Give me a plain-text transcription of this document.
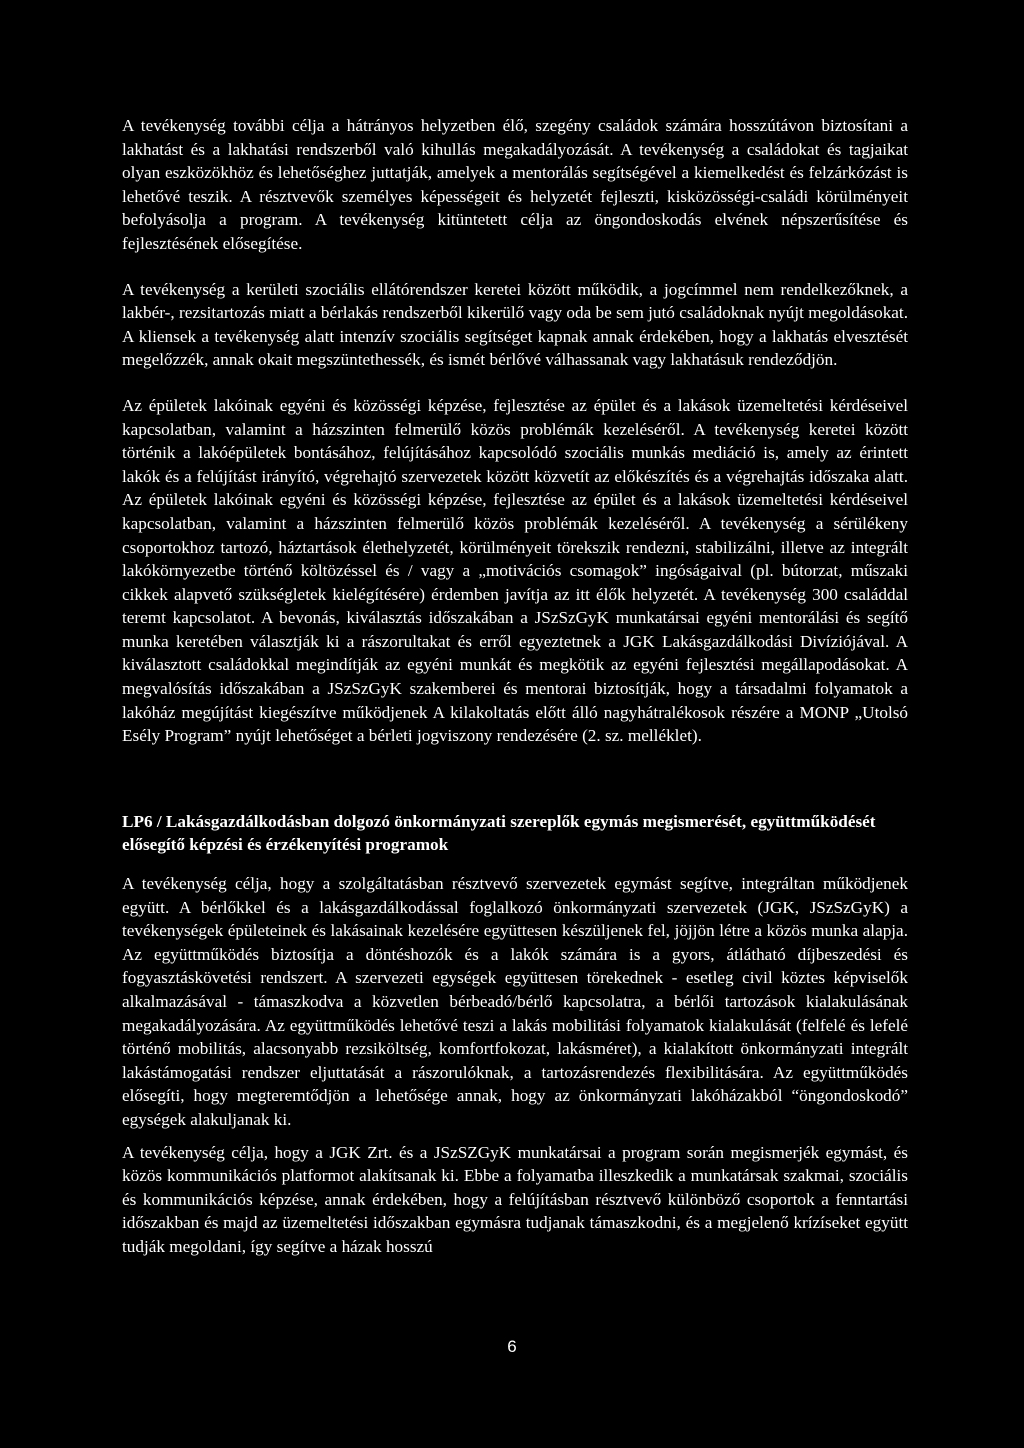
A tevékenység további célja a hátrányos helyzetben élő, szegény családok számára hosszútávon biztosítani a lakhatást és a lakhatási rendszerből való kihullás megakadályozását. A tevékenység a családokat és tagjaikat olyan eszközökhöz és lehetőséghez juttatják, amelyek a mentorálás segítségével a kiemelkedést és felzárkózást is lehetővé teszik. A résztvevők személyes képességeit és helyzetét fejleszti, kisközösségi-családi körülményeit befolyásolja a program. A tevékenység kitüntetett célja az öngondoskodás elvének népszerűsítése és fejlesztésének elősegítése.

A tevékenység a kerületi szociális ellátórendszer keretei között működik, a jogcímmel nem rendelkezőknek, a lakbér-, rezsitartozás miatt a bérlakás rendszerből kikerülő vagy oda be sem jutó családoknak nyújt megoldásokat. A kliensek a tevékenység alatt intenzív szociális segítséget kapnak annak érdekében, hogy a lakhatás elvesztését megelőzzék, annak okait megszüntethessék, és ismét bérlővé válhassanak vagy lakhatásuk rendeződjön.

Az épületek lakóinak egyéni és közösségi képzése, fejlesztése az épület és a lakások üzemeltetési kérdéseivel kapcsolatban, valamint a házszinten felmerülő közös problémák kezeléséről. A tevékenység keretei között történik a lakóépületek bontásához, felújításához kapcsolódó szociális munkás mediáció is, amely az érintett lakók és a felújítást irányító, végrehajtó szervezetek között közvetít az előkészítés és a végrehajtás időszaka alatt. Az épületek lakóinak egyéni és közösségi képzése, fejlesztése az épület és a lakások üzemeltetési kérdéseivel kapcsolatban, valamint a házszinten felmerülő közös problémák kezeléséről. A tevékenység a sérülékeny csoportokhoz tartozó, háztartások élethelyzetét, körülményeit törekszik rendezni, stabilizálni, illetve az integrált lakókörnyezetbe történő költözéssel és / vagy a „motivációs csomagok” ingóságaival (pl. bútorzat, műszaki cikkek alapvető szükségletek kielégítésére) érdemben javítja az itt élők helyzetét. A tevékenység 300 családdal teremt kapcsolatot. A bevonás, kiválasztás időszakában a JSzSzGyK munkatársai egyéni mentorálási és segítő munka keretében választják ki a rászorultakat és erről egyeztetnek a JGK Lakásgazdálkodási Divíziójával. A kiválasztott családokkal megindítják az egyéni munkát és megkötik az egyéni fejlesztési megállapodásokat. A megvalósítás időszakában a JSzSzGyK szakemberei és mentorai biztosítják, hogy a társadalmi folyamatok a lakóház megújítást kiegészítve működjenek A kilakoltatás előtt álló nagyhátralékosok részére a MONP „Utolsó Esély Program” nyújt lehetőséget a bérleti jogviszony rendezésére (2. sz. melléklet).

LP6 / Lakásgazdálkodásban dolgozó önkormányzati szereplők egymás megismerését, együttműködését elősegítő képzési és érzékenyítési programok

A tevékenység célja, hogy a szolgáltatásban résztvevő szervezetek egymást segítve, integráltan működjenek együtt. A bérlőkkel és a lakásgazdálkodással foglalkozó önkormányzati szervezetek (JGK, JSzSzGyK) a tevékenységek épületeinek és lakásainak kezelésére együttesen készüljenek fel, jöjjön létre a közös munka alapja. Az együttműködés biztosítja a döntéshozók és a lakók számára is a gyors, átlátható díjbeszedési és fogyasztáskövetési rendszert. A szervezeti egységek együttesen törekednek - esetleg civil köztes képviselők alkalmazásával - támaszkodva a közvetlen bérbeadó/bérlő kapcsolatra, a bérlői tartozások kialakulásának megakadályozására. Az együttműködés lehetővé teszi a lakás mobilitási folyamatok kialakulását (felfelé és lefelé történő mobilitás, alacsonyabb rezsiköltség, komfortfokozat, lakásméret), a kialakított önkormányzati integrált lakástámogatási rendszer eljuttatását a rászorulóknak, a tartozásrendezés flexibilitására. Az együttműködés elősegíti, hogy megteremtődjön a lehetősége annak, hogy az önkormányzati lakóházakból “öngondoskodó” egységek alakuljanak ki.

A tevékenység célja, hogy a JGK Zrt. és a JSzSZGyK munkatársai a program során megismerjék egymást, és közös kommunikációs platformot alakítsanak ki. Ebbe a folyamatba illeszkedik a munkatársak szakmai, szociális és kommunikációs képzése, annak érdekében, hogy a felújításban résztvevő különböző csoportok a fenntartási időszakban és majd az üzemeltetési időszakban egymásra tudjanak támaszkodni, és a megjelenő krízíseket együtt tudják megoldani, így segítve a házak hosszú

6
